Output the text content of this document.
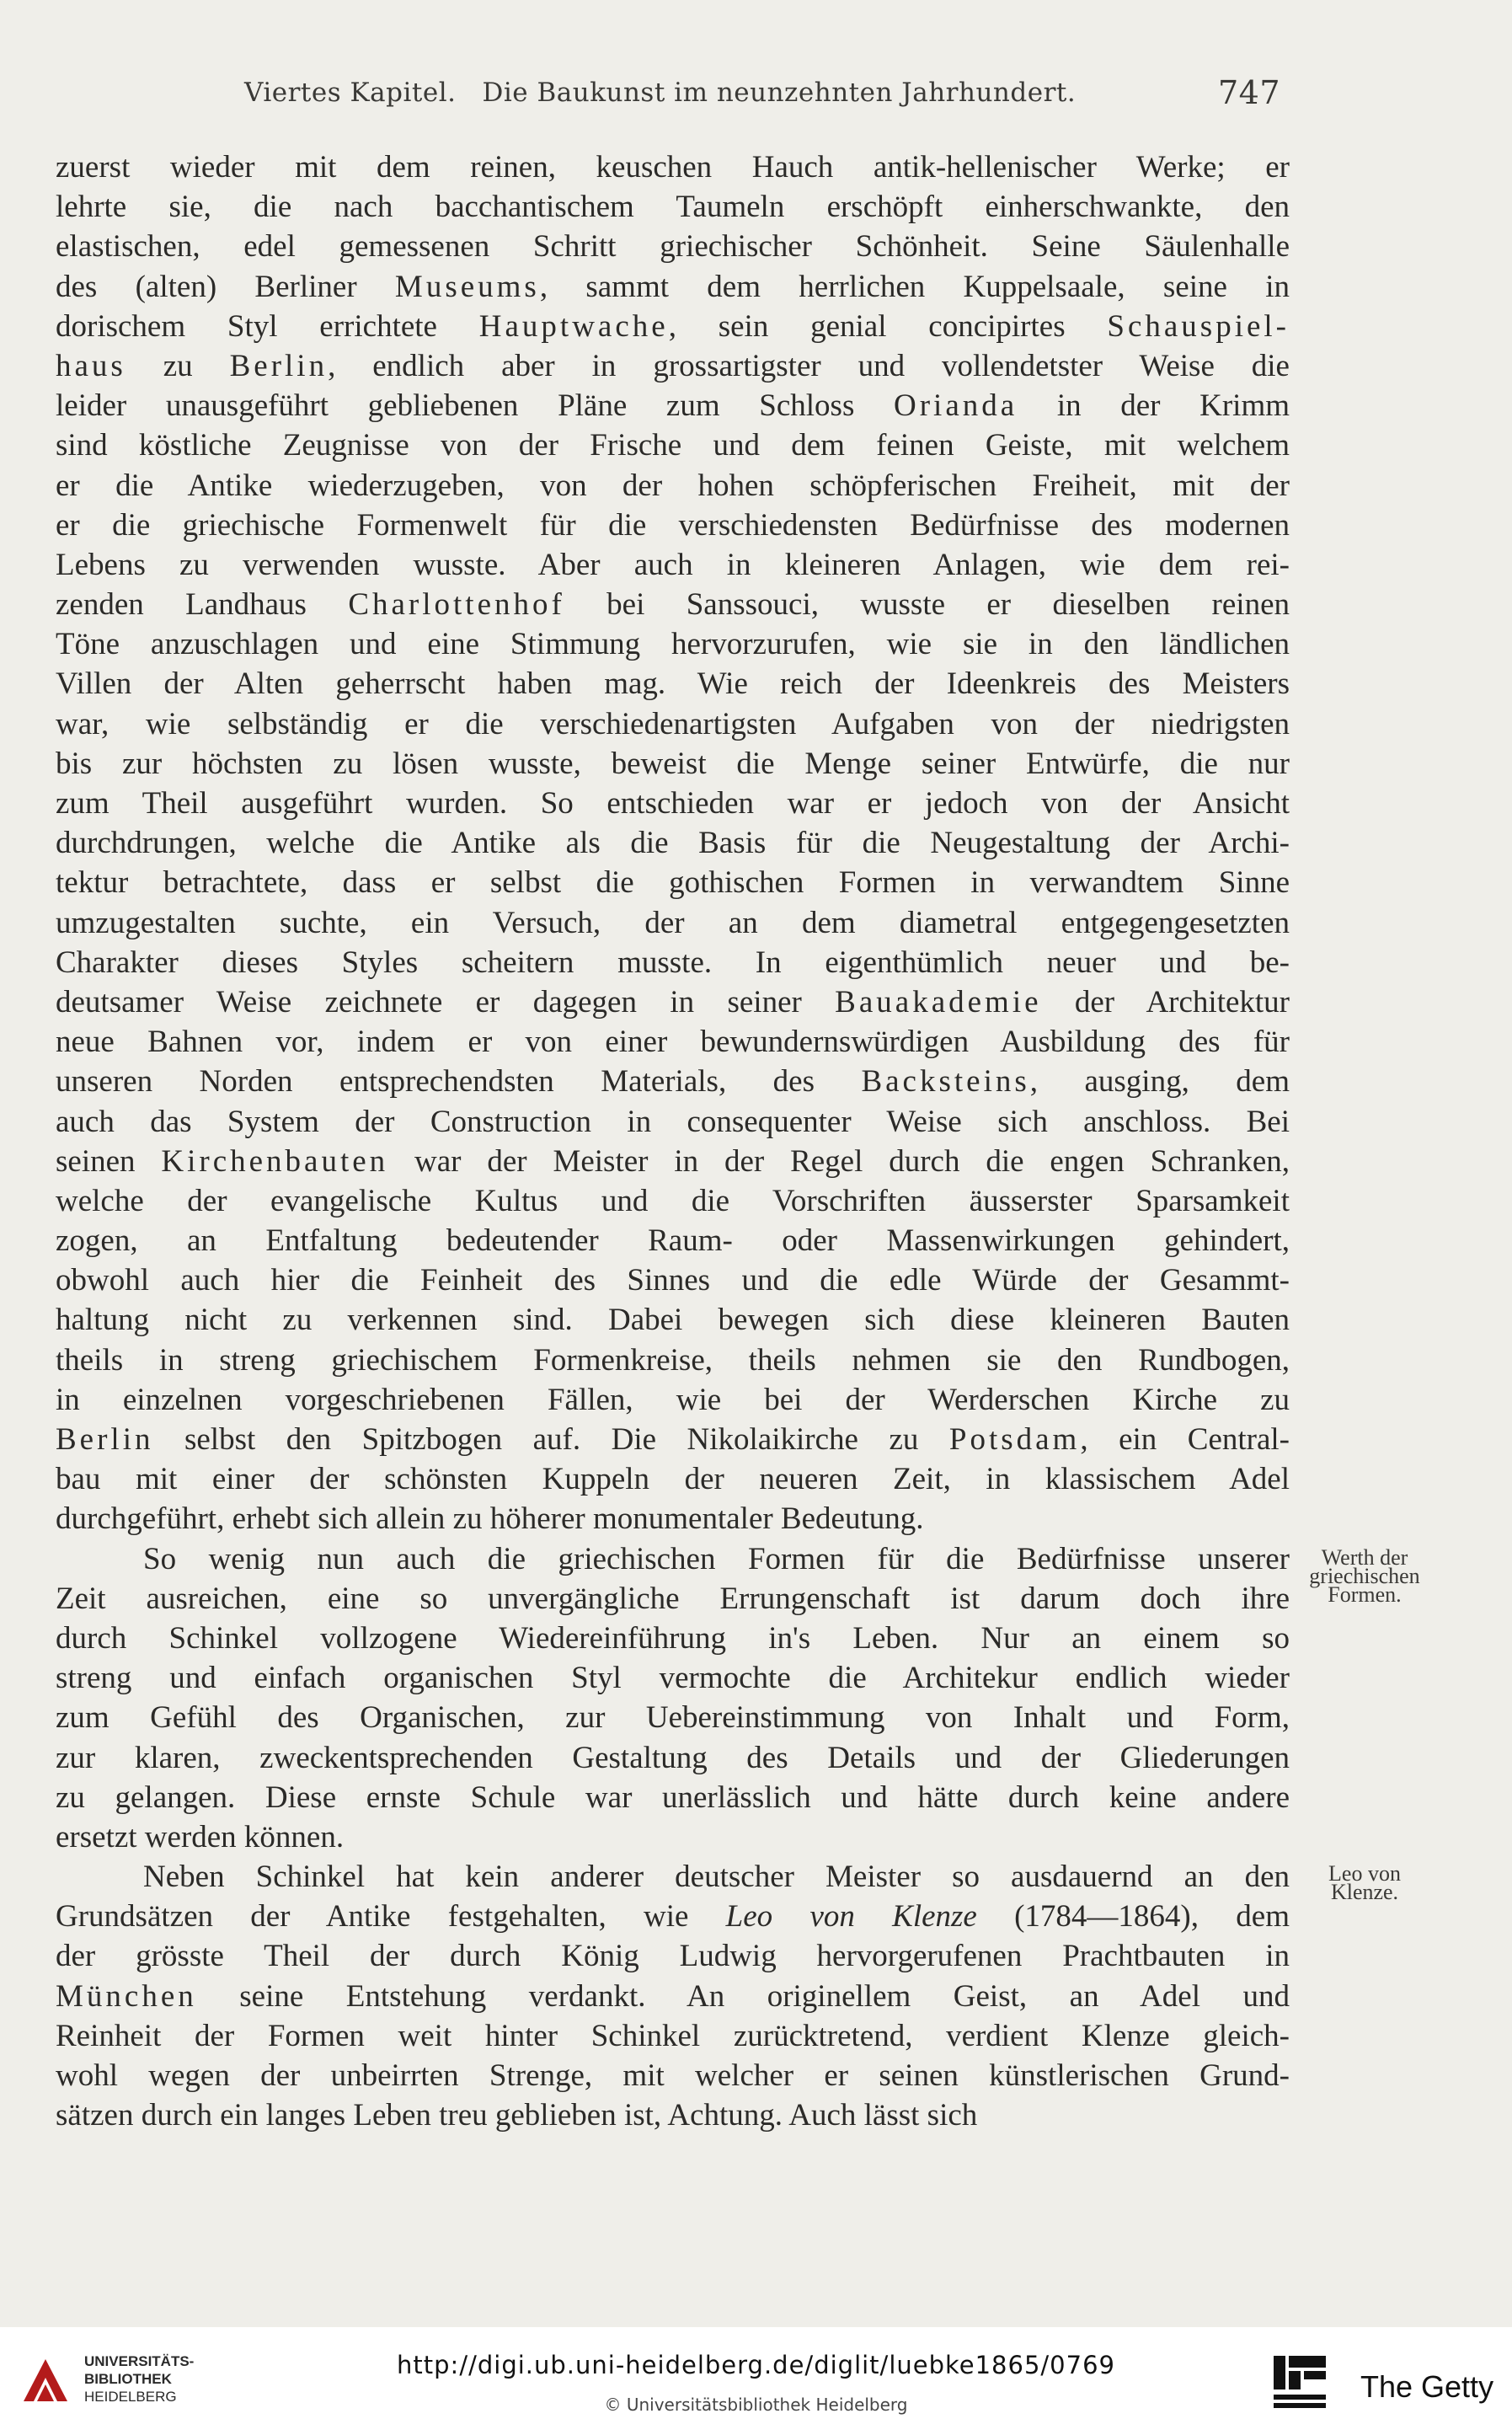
Viertes Kapitel.   Die Baukunst im neunzehnten Jahrhundert.	747
zuerst wieder mit dem reinen, keuschen Hauch antik-hellenischer Werke; er
lehrte sie, die nach bacchantischem Taumeln erschöpft einherschwankte, den
elastischen, edel gemessenen Schritt griechischer Schönheit. Seine Säulenhalle
des (alten) Berliner Museums, sammt dem herrlichen Kuppelsaale, seine in
dorischem Styl errichtete Hauptwache, sein genial concipirtes Schauspiel-
haus zu Berlin, endlich aber in grossartigster und vollendetster Weise die
leider unausgeführt gebliebenen Pläne zum Schloss Orianda in der Krimm
sind köstliche Zeugnisse von der Frische und dem feinen Geiste, mit welchem
er die Antike wiederzugeben, von der hohen schöpferischen Freiheit, mit der
er die griechische Formenwelt für die verschiedensten Bedürfnisse des modernen
Lebens zu verwenden wusste. Aber auch in kleineren Anlagen, wie dem rei-
zenden Landhaus Charlottenhof bei Sanssouci, wusste er dieselben reinen
Töne anzuschlagen und eine Stimmung hervorzurufen, wie sie in den ländlichen
Villen der Alten geherrscht haben mag. Wie reich der Ideenkreis des Meisters
war, wie selbständig er die verschiedenartigsten Aufgaben von der niedrigsten
bis zur höchsten zu lösen wusste, beweist die Menge seiner Entwürfe, die nur
zum Theil ausgeführt wurden. So entschieden war er jedoch von der Ansicht
durchdrungen, welche die Antike als die Basis für die Neugestaltung der Archi-
tektur betrachtete, dass er selbst die gothischen Formen in verwandtem Sinne
umzugestalten suchte, ein Versuch, der an dem diametral entgegengesetzten
Charakter dieses Styles scheitern musste. In eigenthümlich neuer und be-
deutsamer Weise zeichnete er dagegen in seiner Bauakademie der Architektur
neue Bahnen vor, indem er von einer bewundernswürdigen Ausbildung des für
unseren Norden entsprechendsten Materials, des Backsteins, ausging, dem
auch das System der Construction in consequenter Weise sich anschloss. Bei
seinen Kirchenbauten war der Meister in der Regel durch die engen Schranken,
welche der evangelische Kultus und die Vorschriften äusserster Sparsamkeit
zogen, an Entfaltung bedeutender Raum- oder Massenwirkungen gehindert,
obwohl auch hier die Feinheit des Sinnes und die edle Würde der Gesammt-
haltung nicht zu verkennen sind. Dabei bewegen sich diese kleineren Bauten
theils in streng griechischem Formenkreise, theils nehmen sie den Rundbogen,
in einzelnen vorgeschriebenen Fällen, wie bei der Werderschen Kirche zu
Berlin selbst den Spitzbogen auf. Die Nikolaikirche zu Potsdam, ein Central-
bau mit einer der schönsten Kuppeln der neueren Zeit, in klassischem Adel
durchgeführt, erhebt sich allein zu höherer monumentaler Bedeutung.
So wenig nun auch die griechischen Formen für die Bedürfnisse unserer
Zeit ausreichen, eine so unvergängliche Errungenschaft ist darum doch ihre
durch Schinkel vollzogene Wiedereinführung in's Leben. Nur an einem so
streng und einfach organischen Styl vermochte die Architekur endlich wieder
zum Gefühl des Organischen, zur Uebereinstimmung von Inhalt und Form,
zur klaren, zweckentsprechenden Gestaltung des Details und der Gliederungen
zu gelangen. Diese ernste Schule war unerlässlich und hätte durch keine andere
ersetzt werden können.
Neben Schinkel hat kein anderer deutscher Meister so ausdauernd an den
Grundsätzen der Antike festgehalten, wie Leo von Klenze (1784—1864), dem
der grösste Theil der durch König Ludwig hervorgerufenen Prachtbauten in
München seine Entstehung verdankt. An originellem Geist, an Adel und
Reinheit der Formen weit hinter Schinkel zurücktretend, verdient Klenze gleich-
wohl wegen der unbeirrten Strenge, mit welcher er seinen künstlerischen Grund-
sätzen durch ein langes Leben treu geblieben ist, Achtung. Auch lässt sich
Werth der
griechischen
Formen.
Leo von
Klenze.
UNIVERSITÄTS-
BIBLIOTHEK
HEIDELBERG
http://digi.ub.uni-heidelberg.de/diglit/luebke1865/0769
© Universitätsbibliothek Heidelberg
The Getty
